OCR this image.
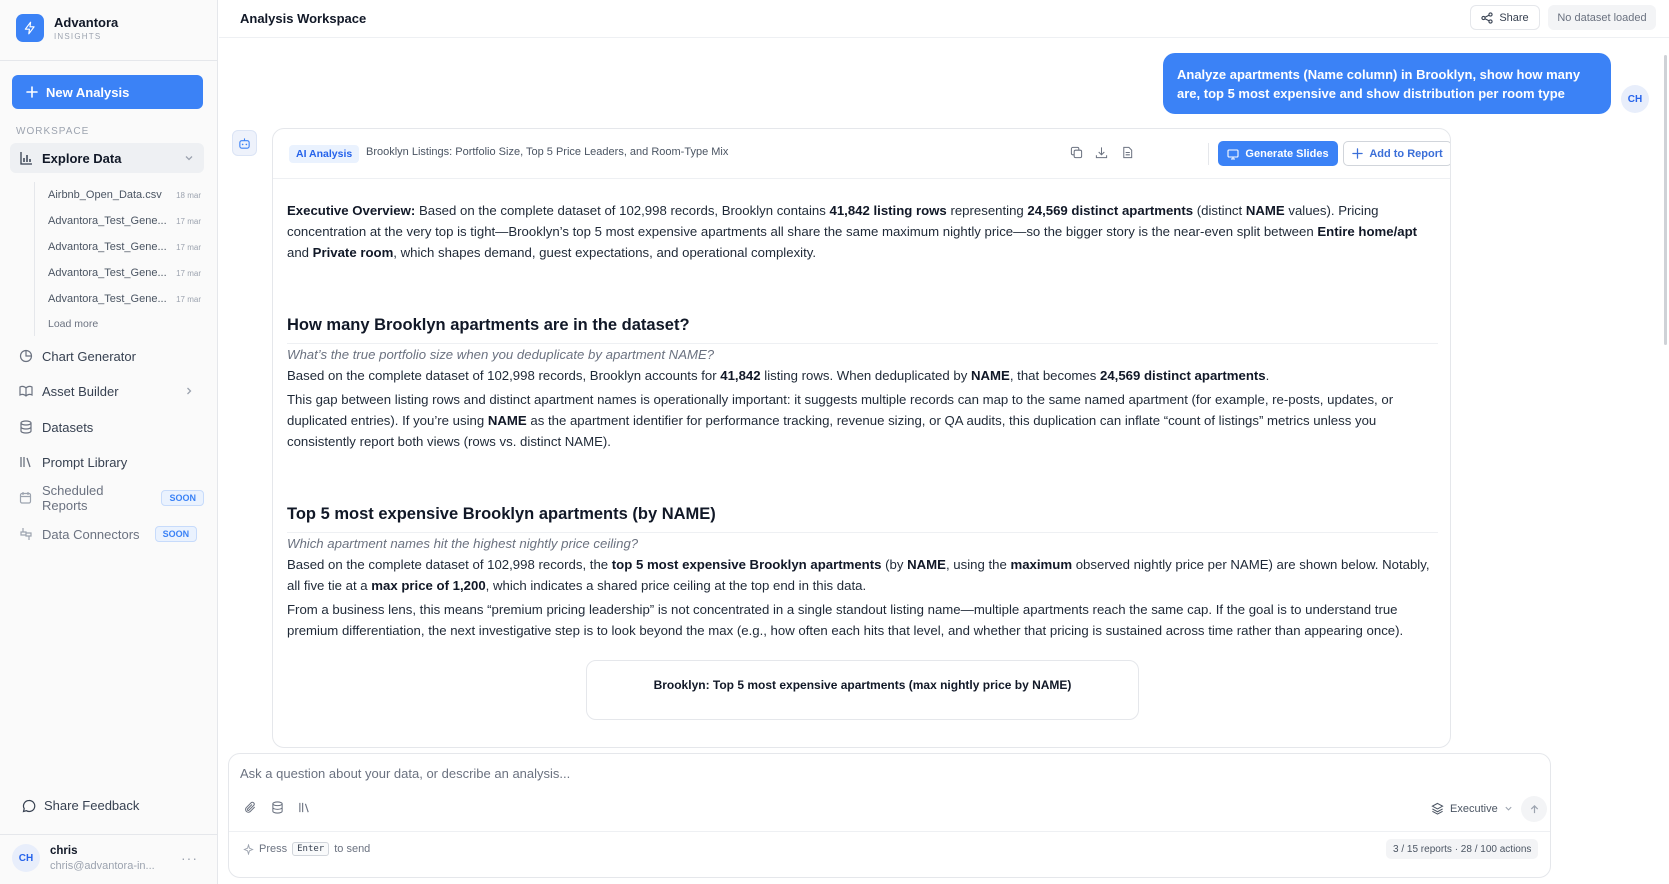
Advantora
INSIGHTS
New Analysis
WORKSPACE
Explore Data
Airbnb_Open_Data.csv 18 mar
Advantora_Test_Gene... 17 mar
Advantora_Test_Gene... 17 mar
Advantora_Test_Gene... 17 mar
Advantora_Test_Gene... 17 mar
Load more
Chart Generator
Asset Builder
Datasets
Prompt Library
Scheduled Reports	SOON
Data Connectors	SOON
Share Feedback
CH
chris
chris@advantora-in... ···
Analysis Workspace	Share	No dataset loaded
Analyze apartments (Name column) in Brooklyn, show how many are, top 5 most expensive and show distribution per room type	CH
AI Analysis	Brooklyn Listings: Portfolio Size, Top 5 Price Leaders, and Room-Type Mix	Generate Slides	Add to Report

Executive Overview: Based on the complete dataset of 102,998 records, Brooklyn contains 41,842 listing rows representing 24,569 distinct apartments (distinct NAME values). Pricing concentration at the very top is tight—Brooklyn’s top 5 most expensive apartments all share the same maximum nightly price—so the bigger story is the near-even split between Entire home/apt and Private room, which shapes demand, guest expectations, and operational complexity.

How many Brooklyn apartments are in the dataset?

What’s the true portfolio size when you deduplicate by apartment NAME?

Based on the complete dataset of 102,998 records, Brooklyn accounts for 41,842 listing rows. When deduplicated by NAME, that becomes 24,569 distinct apartments.

This gap between listing rows and distinct apartment names is operationally important: it suggests multiple records can map to the same named apartment (for example, re-posts, updates, or duplicated entries). If you’re using NAME as the apartment identifier for performance tracking, revenue sizing, or QA audits, this duplication can inflate “count of listings” metrics unless you consistently report both views (rows vs. distinct NAME).

Top 5 most expensive Brooklyn apartments (by NAME)

Which apartment names hit the highest nightly price ceiling?

Based on the complete dataset of 102,998 records, the top 5 most expensive Brooklyn apartments (by NAME, using the maximum observed nightly price per NAME) are shown below. Notably, all five tie at a max price of 1,200, which indicates a shared price ceiling at the top end in this data.

From a business lens, this means “premium pricing leadership” is not concentrated in a single standout listing name—multiple apartments reach the same cap. If the goal is to understand true premium differentiation, the next investigative step is to look beyond the max (e.g., how often each hits that level, and whether that pricing is sustained across time rather than appearing once).

Brooklyn: Top 5 most expensive apartments (max nightly price by NAME)
Ask a question about your data, or describe an analysis...
Executive
Press	Enter to send	3 / 15 reports · 28 / 100 actions
